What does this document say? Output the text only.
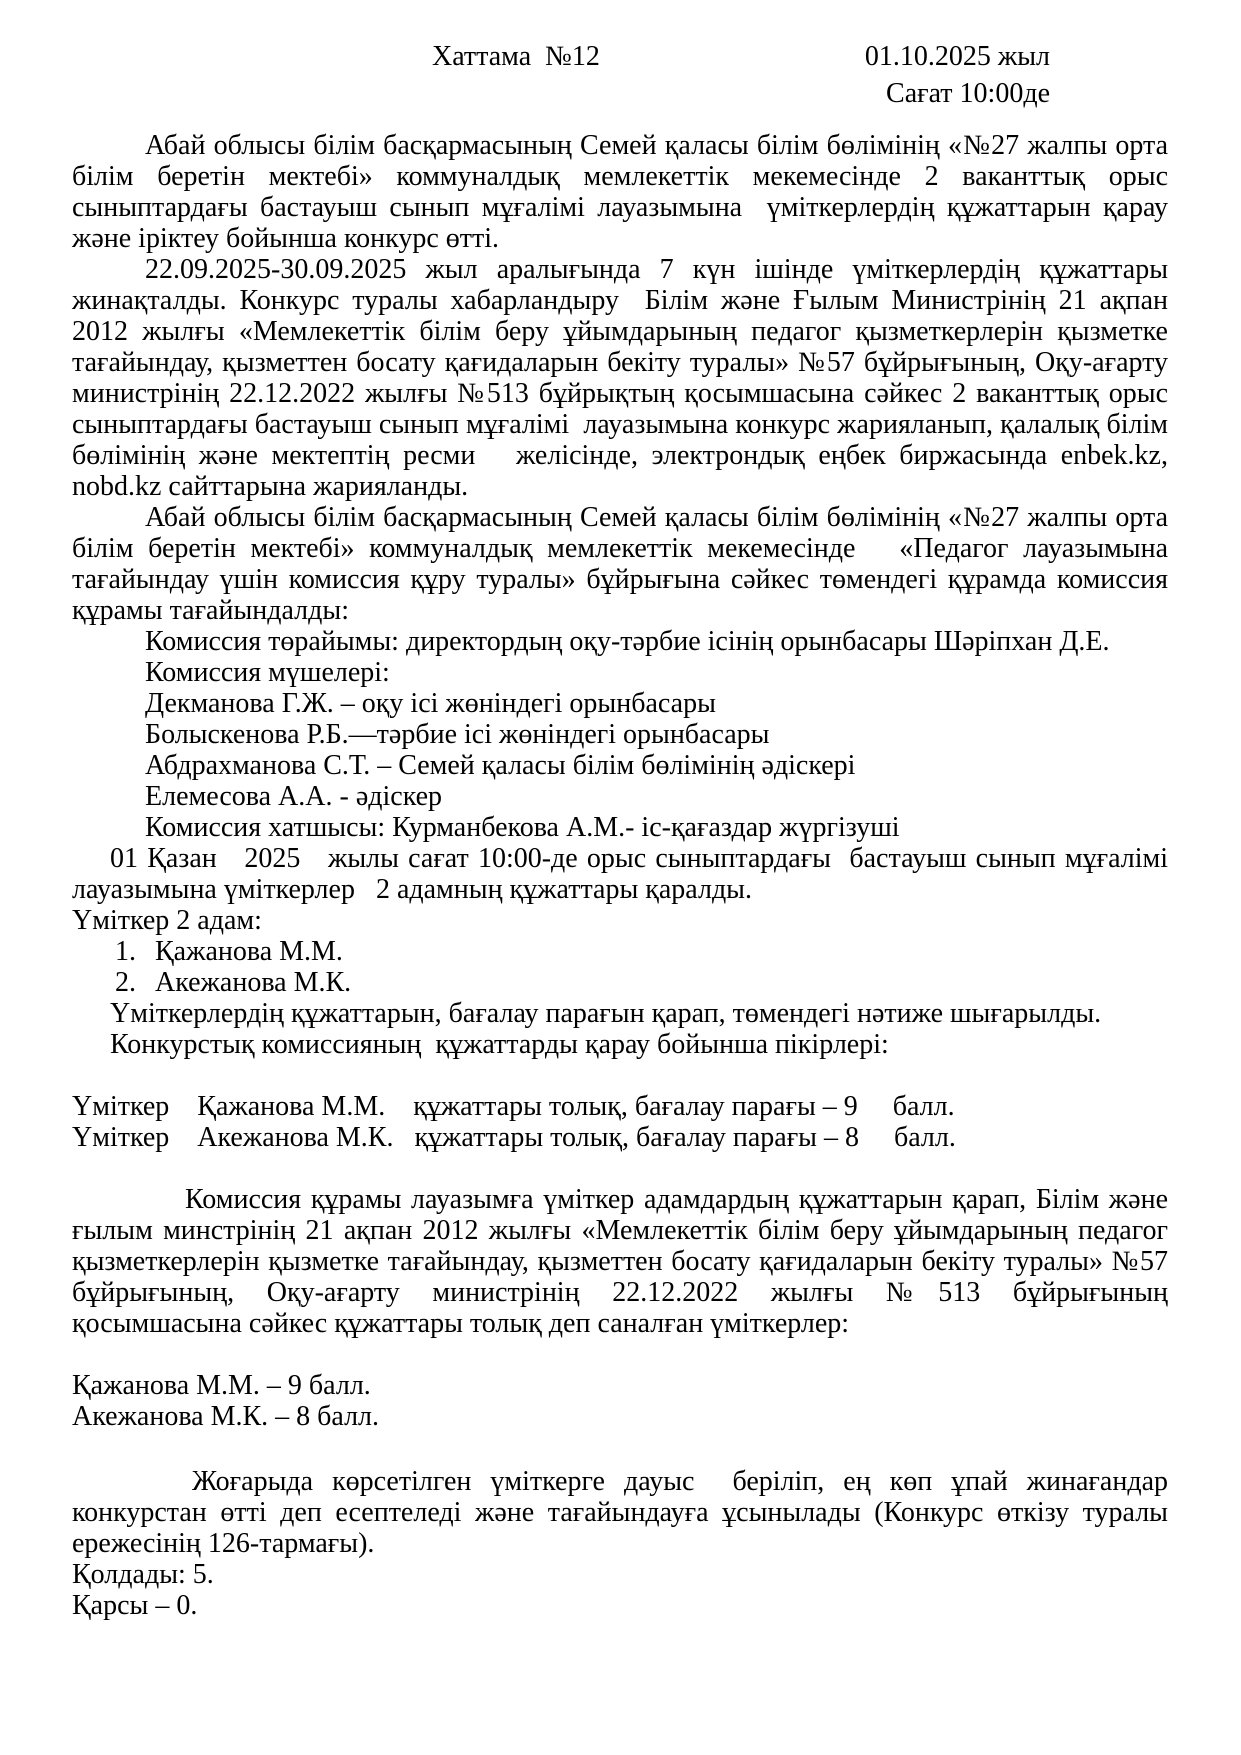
Хаттама  №12	01.10.2025 жыл
Сағат 10:00де

Абай облысы білім басқармасының Семей қаласы білім бөлімінің «№27 жалпы орта білім беретін мектебі» коммуналдық мемлекеттік мекемесінде 2 ваканттық орыс сыныптардағы бастауыш сынып мұғалімі лауазымына  үміткерлердің құжаттарын қарау және іріктеу бойынша конкурс өтті.

22.09.2025-30.09.2025 жыл аралығында 7 күн ішінде үміткерлердің құжаттары жинақталды. Конкурс туралы хабарландыру  Білім және Ғылым Министрінің 21 ақпан 2012 жылғы «Мемлекеттік білім беру ұйымдарының педагог қызметкерлерін қызметке тағайындау, қызметтен босату қағидаларын бекіту туралы» №57 бұйрығының, Оқу-ағарту министрінің 22.12.2022 жылғы №513 бұйрықтың қосымшасына сәйкес 2 ваканттық орыс сыныптардағы бастауыш сынып мұғалімі  лауазымына конкурс жарияланып, қалалық білім бөлімінің және мектептің ресми   желісінде, электрондық еңбек биржасында enbek.kz, nobd.kz сайттарына жарияланды.

Абай облысы білім басқармасының Семей қаласы білім бөлімінің «№27 жалпы орта білім беретін мектебі» коммуналдық мемлекеттік мекемесінде   «Педагог лауазымына тағайындау үшін комиссия құру туралы» бұйрығына сәйкес төмендегі құрамда комиссия құрамы тағайындалды:

Комиссия төрайымы: директордың оқу-тәрбие ісінің орынбасары Шәріпхан Д.Е.

Комиссия мүшелері:

Декманова Г.Ж. – оқу ісі жөніндегі орынбасары

Болыскенова Р.Б.—тәрбие ісі жөніндегі орынбасары

Абдрахманова С.Т. – Семей қаласы білім бөлімінің әдіскері

Елемесова А.А. - әдіскер

Комиссия хатшысы: Курманбекова А.М.- іс-қағаздар жүргізуші

01 Қазан   2025   жылы сағат 10:00-де орыс сыныптардағы  бастауыш сынып мұғалімі лауазымына үміткерлер   2 адамның құжаттары қаралды.

Үміткер 2 адам:

1. Қажанова М.М.

2. Акежанова М.К.

Үміткерлердің құжаттарын, бағалау парағын қарап, төмендегі нәтиже шығарылды.

Конкурстық комиссияның  құжаттарды қарау бойынша пікірлері:

Үміткер    Қажанова М.М.    құжаттары толық, бағалау парағы – 9     балл.

Үміткер    Акежанова М.К.   құжаттары толық, бағалау парағы – 8     балл.

Комиссия құрамы лауазымға үміткер адамдардың құжаттарын қарап, Білім және ғылым минстрінің 21 ақпан 2012 жылғы «Мемлекеттік білім беру ұйымдарының педагог қызметкерлерін қызметке тағайындау, қызметтен босату қағидаларын бекіту туралы» №57 бұйрығының, Оқу-ағарту министрінің 22.12.2022 жылғы №513 бұйрығының  қосымшасына сәйкес құжаттары толық деп саналған үміткерлер:

Қажанова М.М. – 9 балл.

Акежанова М.К. – 8 балл.

Жоғарыда көрсетілген үміткерге дауыс  беріліп, ең көп ұпай жинағандар конкурстан өтті деп есептеледі және тағайындауға ұсынылады (Конкурс өткізу туралы ережесінің 126-тармағы).

Қолдады: 5.

Қарсы – 0.
